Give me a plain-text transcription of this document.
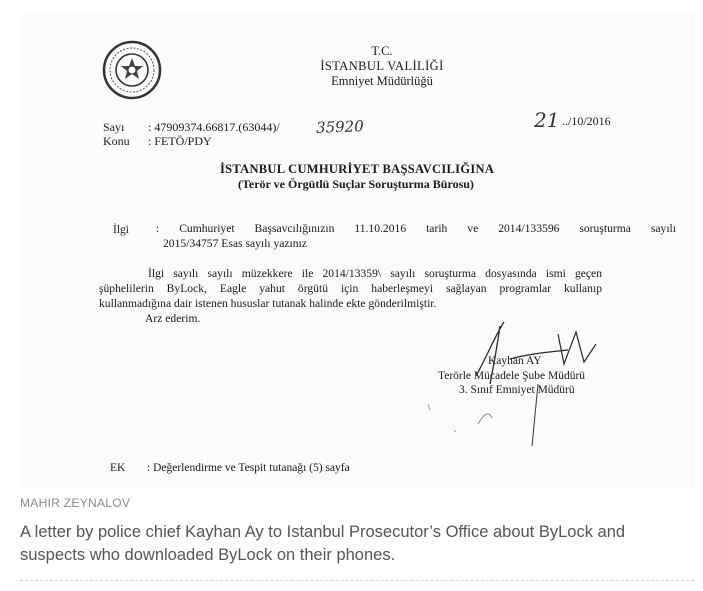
T.C.
İSTANBUL VALİLİĞİ
Emniyet Müdürlüğü
Sayı : 47909374.66817.(63044)/ 35920	21 ../10/2016
Konu : FETÖ/PDY
İSTANBUL CUMHURİYET BAŞSAVCILIĞINA
(Terör ve Örgütlü Suçlar Soruşturma Bürosu)
İlgi : Cumhuriyet Başsavcılığınızın 11.10.2016 tarih ve 2014/133596 soruşturma sayılı
2015/34757 Esas sayılı yazınız
İlgi sayılı sayılı müzekkere ile 2014/13359\ sayılı soruşturma dosyasında ismi geçen
şüphelilerin ByLock, Eagle yahut örgütü için haberleşmeyi sağlayan programlar kullanıp
kullanmadığına dair istenen hususlar tutanak halinde ekte gönderilmiştir.
Arz ederim.
Kayhan AY
Terörle Mücadele Şube Müdürü
3. Sınıf Emniyet Müdürü
EK : Değerlendirme ve Tespit tutanağı (5) sayfa
MAHIR ZEYNALOV
A letter by police chief Kayhan Ay to Istanbul Prosecutor’s Office about ByLock and suspects who downloaded ByLock on their phones.
